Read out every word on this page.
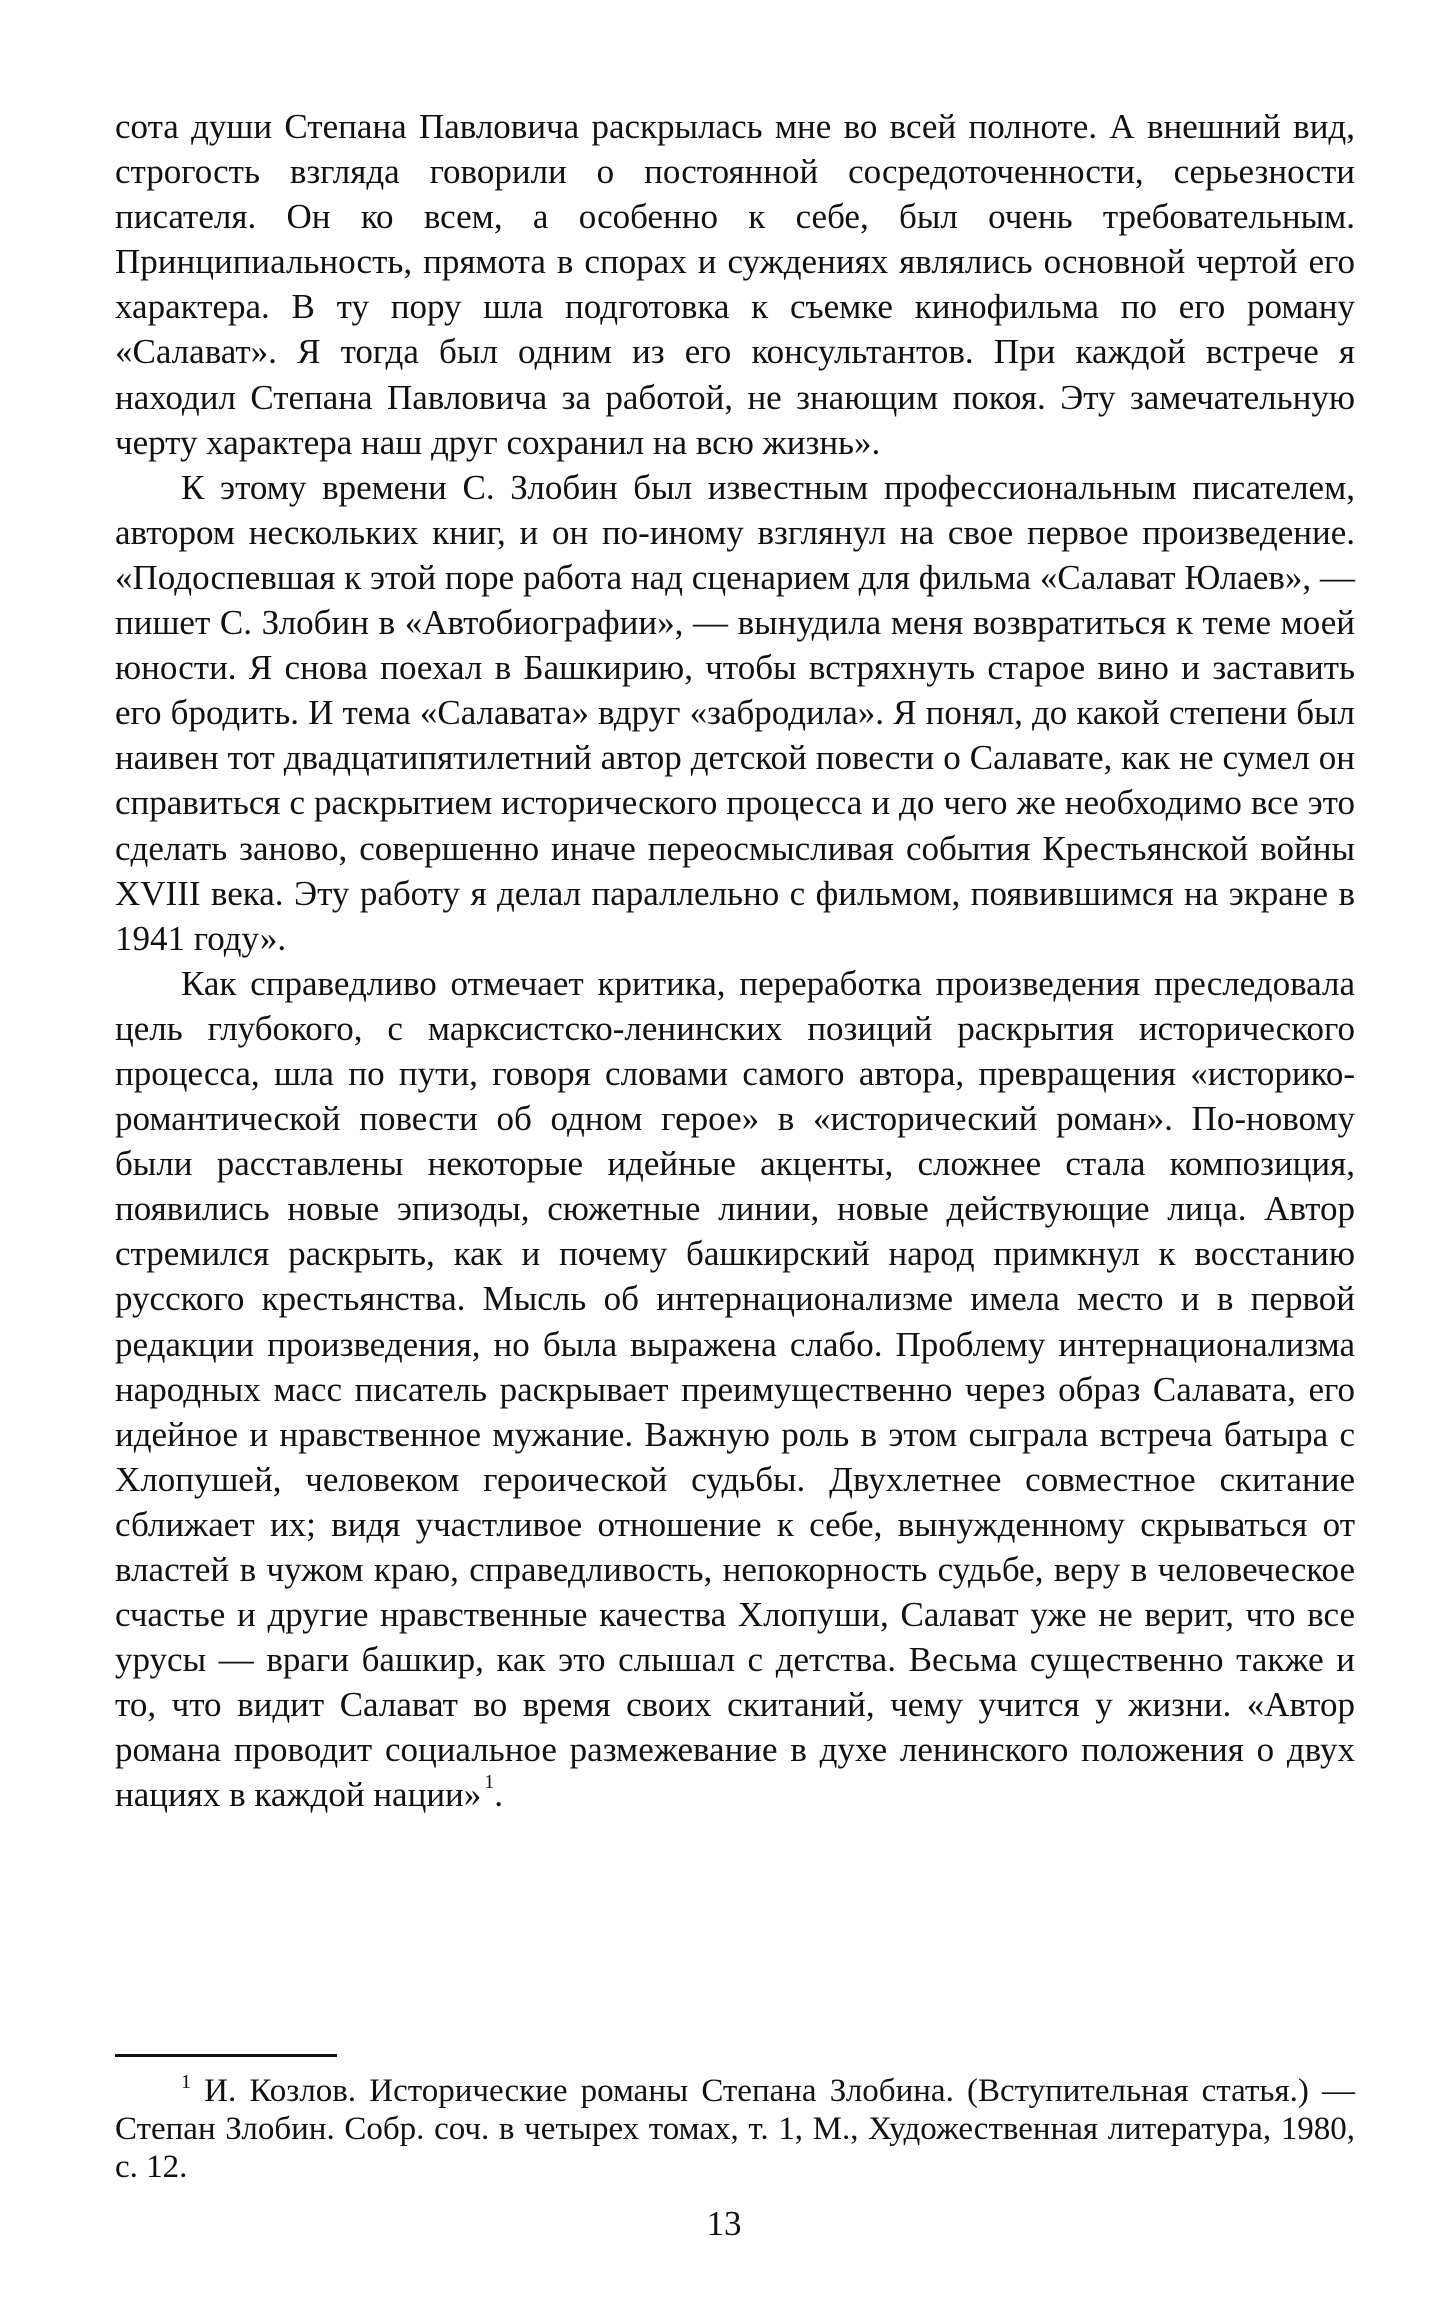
сота души Степана Павловича раскрылась мне во всей полноте. А внешний вид, строгость взгляда говорили о постоянной сосредоточенности, серьезности писателя. Он ко всем, а особенно к себе, был очень требовательным. Принципиальность, прямота в спорах и суждениях являлись основной чертой его характера. В ту пору шла подготовка к съемке кинофильма по его роману «Салават». Я тогда был одним из его консультантов. При каждой встрече я находил Степана Павловича за работой, не знающим покоя. Эту замечательную черту характера наш друг сохранил на всю жизнь».

К этому времени С. Злобин был известным профессиональным писателем, автором нескольких книг, и он по-иному взглянул на свое первое произведение. «Подоспевшая к этой поре работа над сценарием для фильма «Салават Юлаев», — пишет С. Злобин в «Автобиографии», — вынудила меня возвратиться к теме моей юности. Я снова поехал в Башкирию, чтобы встряхнуть старое вино и заставить его бродить. И тема «Салавата» вдруг «забродила». Я понял, до какой степени был наивен тот двадцатипятилетний автор детской повести о Салавате, как не сумел он справиться с раскрытием исторического процесса и до чего же необходимо все это сделать заново, совершенно иначе переосмысливая события Крестьянской войны XVIII века. Эту работу я делал параллельно с фильмом, появившимся на экране в 1941 году».

Как справедливо отмечает критика, переработка произведения преследовала цель глубокого, с марксистско-ленинских позиций раскрытия исторического процесса, шла по пути, говоря словами самого автора, превращения «историко-романтической повести об одном герое» в «исторический роман». По-новому были расставлены некоторые идейные акценты, сложнее стала композиция, появились новые эпизоды, сюжетные линии, новые действующие лица. Автор стремился раскрыть, как и почему башкирский народ примкнул к восстанию русского крестьянства. Мысль об интернационализме имела место и в первой редакции произведения, но была выражена слабо. Проблему интернационализма народных масс писатель раскрывает преимущественно через образ Салавата, его идейное и нравственное мужание. Важную роль в этом сыграла встреча батыра с Хлопушей, человеком героической судьбы. Двухлетнее совместное скитание сближает их; видя участливое отношение к себе, вынужденному скрываться от властей в чужом краю, справедливость, непокорность судьбе, веру в человеческое счастье и другие нравственные качества Хлопуши, Салават уже не верит, что все урусы — враги башкир, как это слышал с детства. Весьма существенно также и то, что видит Салават во время своих скитаний, чему учится у жизни. «Автор романа проводит социальное размежевание в духе ленинского положения о двух нациях в каждой нации»  $^1$.

$^1$ И. Козлов. Исторические романы Степана Злобина. (Вступительная статья.) — Степан Злобин. Собр. соч. в четырех томах, т. 1, М., Художественная литература, 1980, с. 12.

13
